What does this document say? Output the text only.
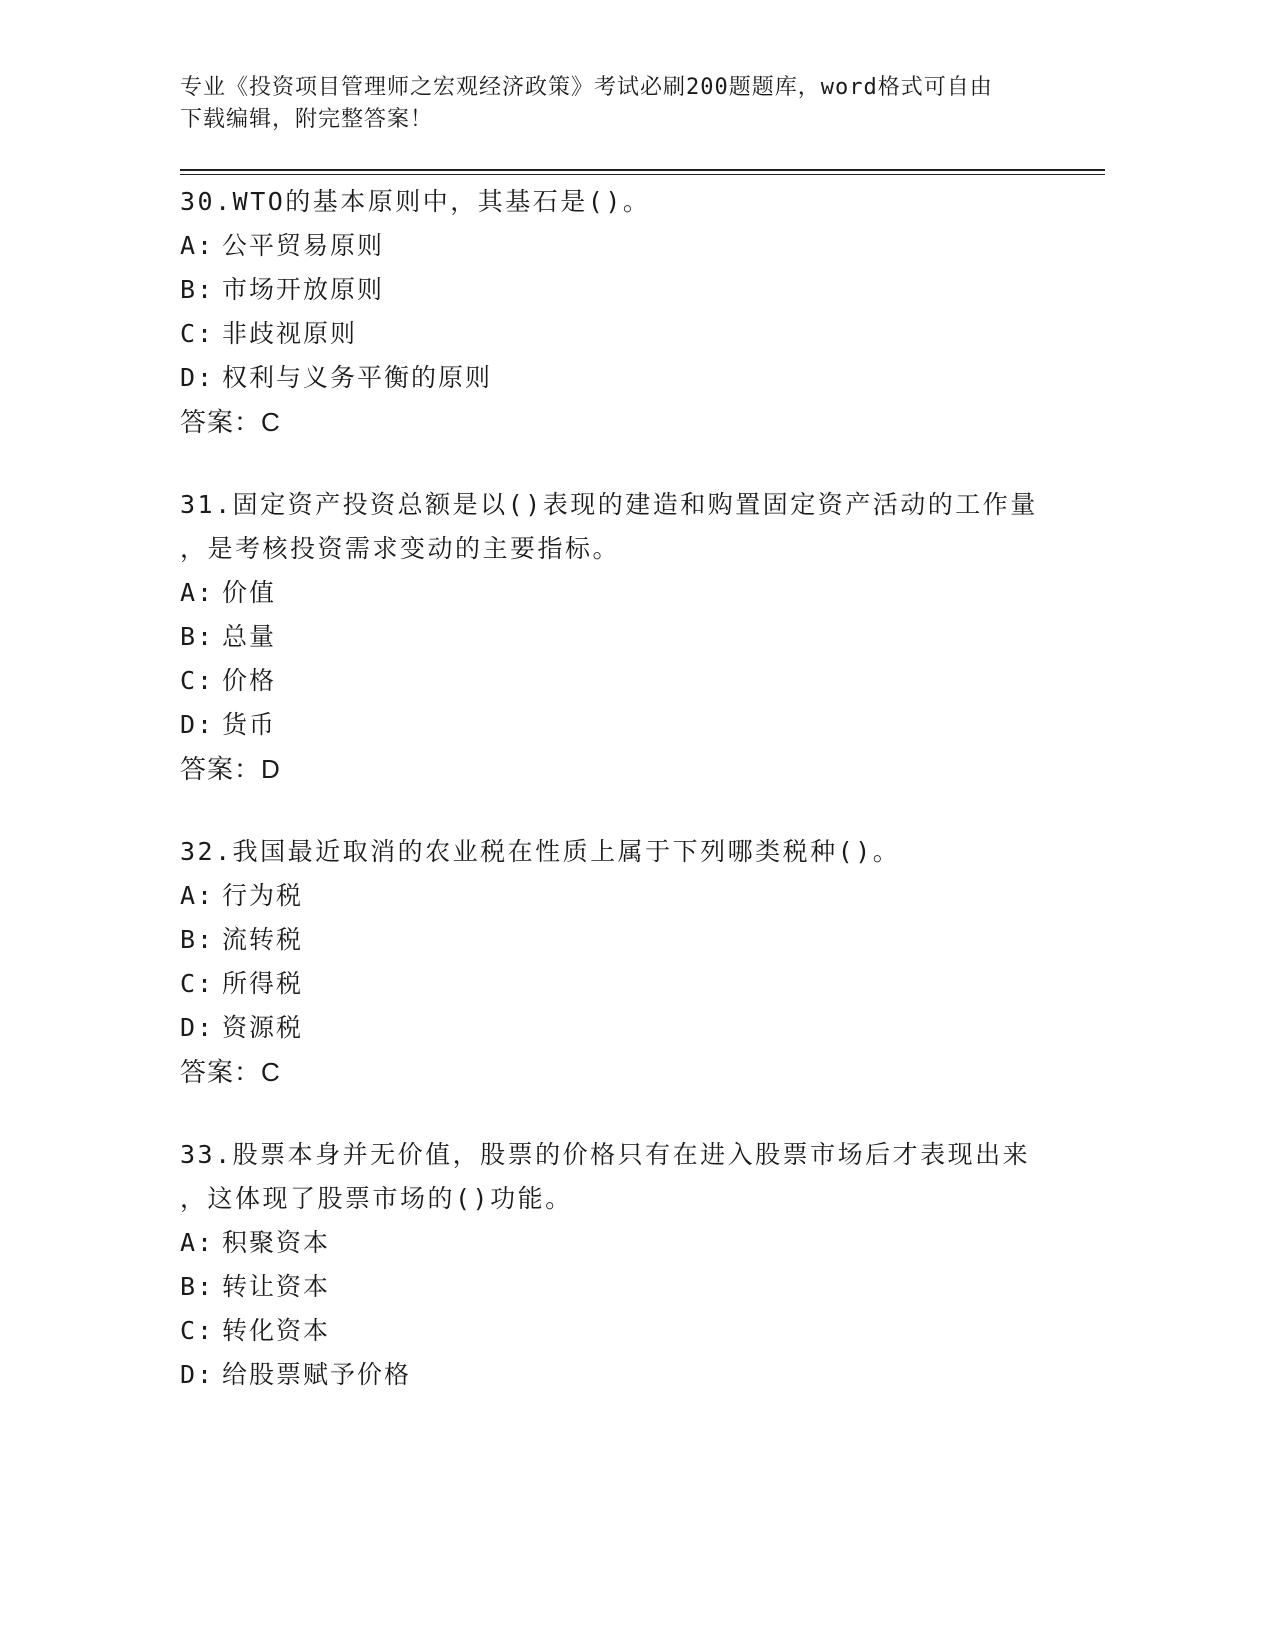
专业《投资项目管理师之宏观经济政策》考试必刷200题题库，word格式可自由
下载编辑，附完整答案！
30.WTO的基本原则中，其基石是()。
A: 公平贸易原则
B: 市场开放原则
C: 非歧视原则
D: 权利与义务平衡的原则
答案：C
31.固定资产投资总额是以()表现的建造和购置固定资产活动的工作量
，是考核投资需求变动的主要指标。
A: 价值
B: 总量
C: 价格
D: 货币
答案：D
32.我国最近取消的农业税在性质上属于下列哪类税种()。
A: 行为税
B: 流转税
C: 所得税
D: 资源税
答案：C
33.股票本身并无价值，股票的价格只有在进入股票市场后才表现出来
，这体现了股票市场的()功能。
A: 积聚资本
B: 转让资本
C: 转化资本
D: 给股票赋予价格
